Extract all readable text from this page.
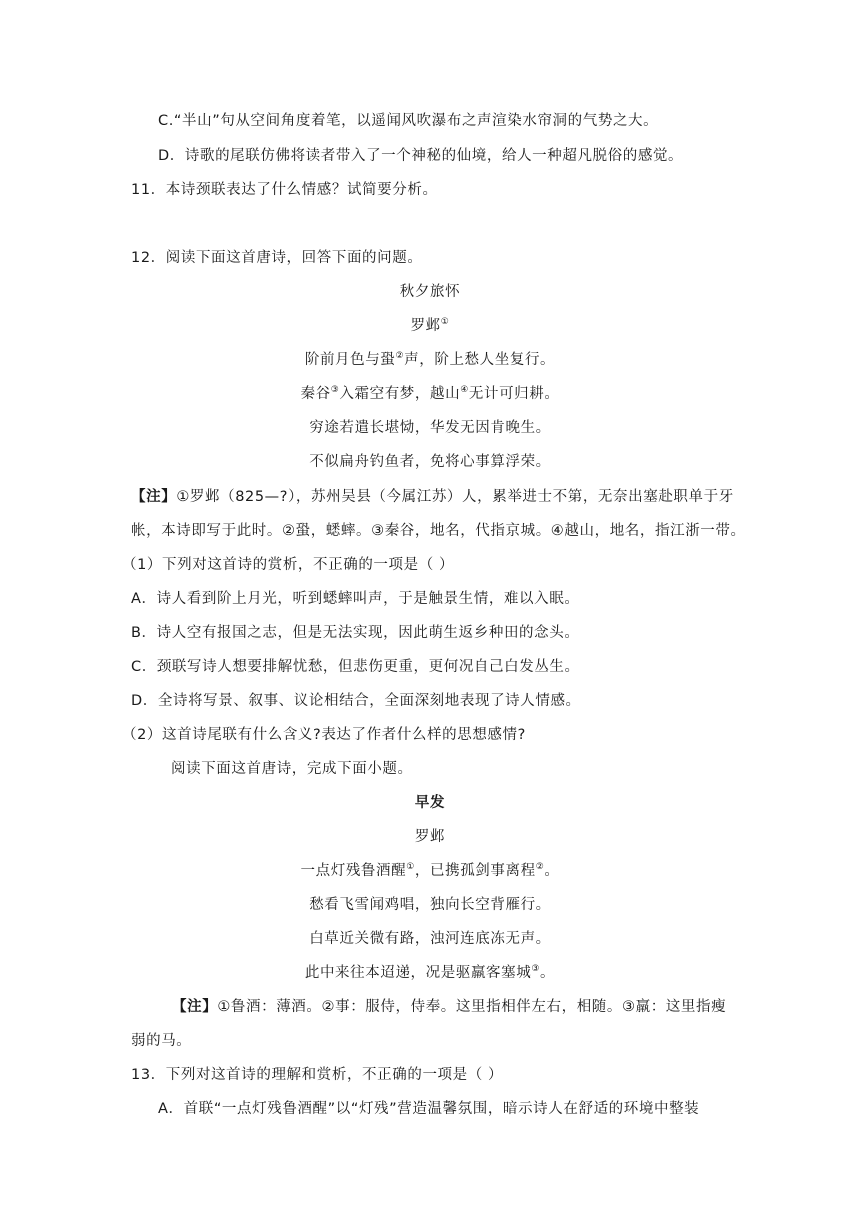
C.“半山”句从空间角度着笔，以遥闻风吹瀑布之声渲染水帘洞的气势之大。
D．诗歌的尾联仿佛将读者带入了一个神秘的仙境，给人一种超凡脱俗的感觉。
11．本诗颈联表达了什么情感？试简要分析。
12．阅读下面这首唐诗，回答下面的问题。
秋夕旅怀
罗邺①
阶前月色与蛩②声，阶上愁人坐复行。
秦谷③入霜空有梦，越山④无计可归耕。
穷途若遣长堪恸，华发无因肯晚生。
不似扁舟钓鱼者，免将心事算浮荣。
【注】①罗邺（825—?），苏州吴县（今属江苏）人，累举进士不第，无奈出塞赴职单于牙
帐，本诗即写于此时。②蛩，蟋蟀。③秦谷，地名，代指京城。④越山，地名，指江浙一带。
（1）下列对这首诗的赏析，不正确的一项是（ ）
A．诗人看到阶上月光，听到蟋蟀叫声，于是触景生情，难以入眠。
B．诗人空有报国之志，但是无法实现，因此萌生返乡种田的念头。
C．颈联写诗人想要排解忧愁，但悲伤更重，更何况自己白发丛生。
D．全诗将写景、叙事、议论相结合，全面深刻地表现了诗人情感。
（2）这首诗尾联有什么含义?表达了作者什么样的思想感情?
阅读下面这首唐诗，完成下面小题。
早发
罗邺
一点灯残鲁酒醒①，已携孤剑事离程②。
愁看飞雪闻鸡唱，独向长空背雁行。
白草近关微有路，浊河连底冻无声。
此中来往本迢递，况是驱羸客塞城③。
【注】①鲁酒：薄酒。②事：服侍，侍奉。这里指相伴左右，相随。③羸：这里指瘦
弱的马。
13．下列对这首诗的理解和赏析，不正确的一项是（ ）
A．首联“一点灯残鲁酒醒”以“灯残”营造温馨氛围，暗示诗人在舒适的环境中整装
